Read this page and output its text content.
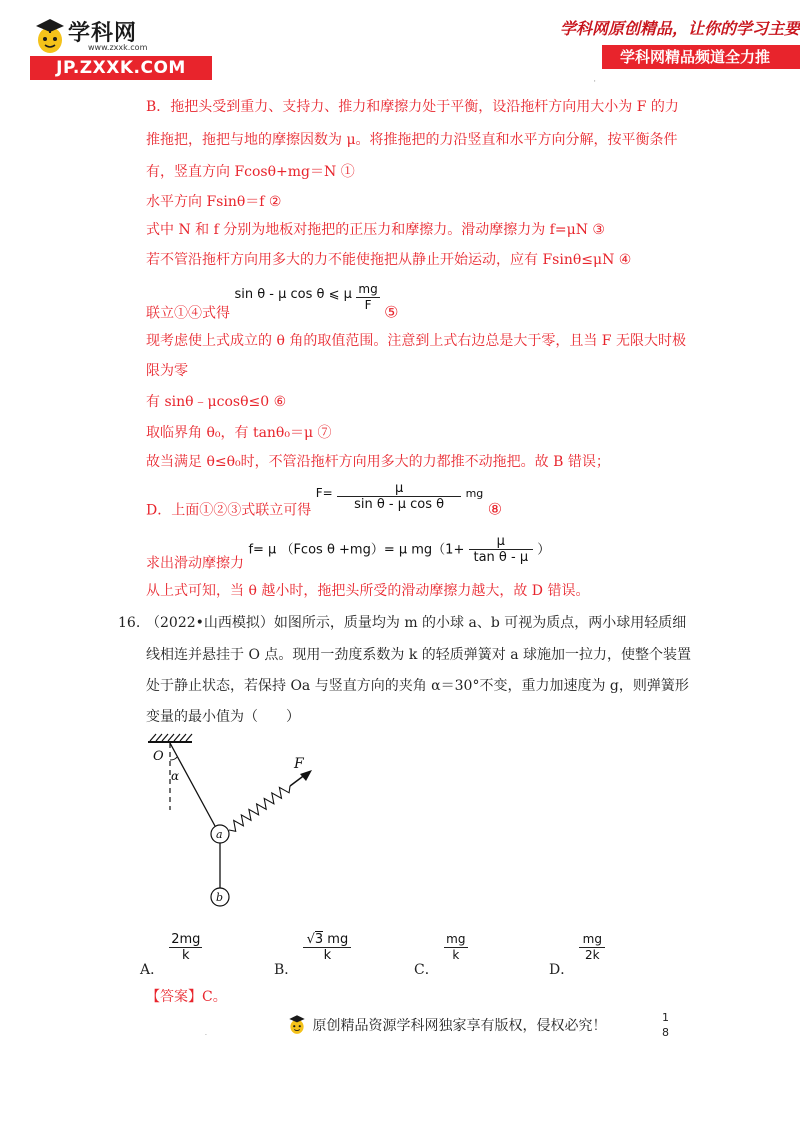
学科网
www.zxxk.com
JP.ZXXK.COM
学科网原创精品，让你的学习主要
学科网精品频道全力推
'
B．拖把头受到重力、支持力、推力和摩擦力处于平衡，设沿拖杆方向用大小为 F 的力
推拖把，拖把与地的摩擦因数为 μ。将推拖把的力沿竖直和水平方向分解，按平衡条件
有，竖直方向 Fcosθ+mg＝N ①
水平方向 Fsinθ＝f ②
式中 N 和 f 分别为地板对拖把的正压力和摩擦力。滑动摩擦力为 f=μN ③
若不管沿拖杆方向用多大的力不能使拖把从静止开始运动，应有 Fsinθ≤μN ④
联立①④式得 sin θ - μ cos θ ⩽ μ $\frac{mg}{F}$ ⑤
现考虑使上式成立的 θ 角的取值范围。注意到上式右边总是大于零，且当 F 无限大时极
限为零
有 sinθ﹣μcosθ≤0 ⑥
取临界角 θ₀，有 tanθ₀＝μ ⑦
故当满足 θ≤θ₀时，不管沿拖杆方向用多大的力都推不动拖把。故 B 错误；
D．上面①②③式联立可得 $F= \frac{\mu}{\text{sin θ - μ cos θ}} ^{mg}$ ⑧
求出滑动摩擦力 f= μ （Fcos θ +mg）= μ $mg(1+ \frac{\mu}{\text{tan θ - μ}}$ ）
从上式可知，当 θ 越小时，拖把头所受的滑动摩擦力越大，故 D 错误。
16. （2022•山西模拟）如图所示，质量均为 m 的小球 a、b 可视为质点，两小球用轻质细
线相连并悬挂于 O 点。现用一劲度系数为 k 的轻质弹簧对 a 球施加一拉力，使整个装置
处于静止状态，若保持 Oa 与竖直方向的夹角 α＝30°不变，重力加速度为 g，则弹簧形
变量的最小值为（　　）
O
α
F
a
b
A．
$\frac{2mg}{k}$
B．
$\frac{√3 mg}{k}$
C．
$\frac{mg}{k}$
D．
$\frac{mg}{2k}$
【答案】C。
原创精品资源学科网独家享有版权，侵权必究！
1
8
·
